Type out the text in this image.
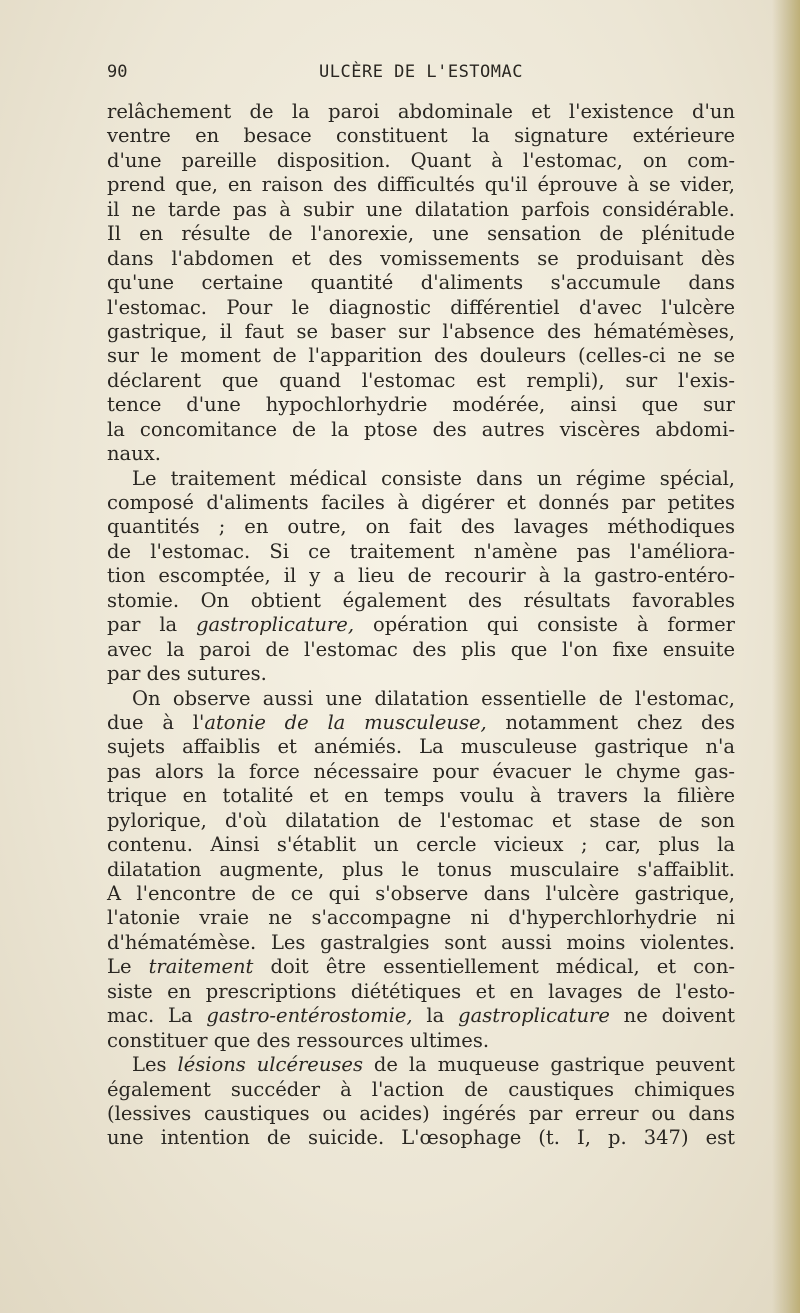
90	ULCÈRE DE L'ESTOMAC
relâchement de la paroi abdominale et l'existence d'un
ventre en besace constituent la signature extérieure
d'une pareille disposition. Quant à l'estomac, on com-
prend que, en raison des difficultés qu'il éprouve à se vider,
il ne tarde pas à subir une dilatation parfois considérable.
Il en résulte de l'anorexie, une sensation de plénitude
dans l'abdomen et des vomissements se produisant dès
qu'une certaine quantité d'aliments s'accumule dans
l'estomac. Pour le diagnostic différentiel d'avec l'ulcère
gastrique, il faut se baser sur l'absence des hématémèses,
sur le moment de l'apparition des douleurs (celles-ci ne se
déclarent que quand l'estomac est rempli), sur l'exis-
tence d'une hypochlorhydrie modérée, ainsi que sur
la concomitance de la ptose des autres viscères abdomi-
naux.
Le traitement médical consiste dans un régime spécial,
composé d'aliments faciles à digérer et donnés par petites
quantités ; en outre, on fait des lavages méthodiques
de l'estomac. Si ce traitement n'amène pas l'améliora-
tion escomptée, il y a lieu de recourir à la gastro-entéro-
stomie. On obtient également des résultats favorables
par la gastroplicature, opération qui consiste à former
avec la paroi de l'estomac des plis que l'on fixe ensuite
par des sutures.
On observe aussi une dilatation essentielle de l'estomac,
due à l'atonie de la musculeuse, notamment chez des
sujets affaiblis et anémiés. La musculeuse gastrique n'a
pas alors la force nécessaire pour évacuer le chyme gas-
trique en totalité et en temps voulu à travers la filière
pylorique, d'où dilatation de l'estomac et stase de son
contenu. Ainsi s'établit un cercle vicieux ; car, plus la
dilatation augmente, plus le tonus musculaire s'affaiblit.
A l'encontre de ce qui s'observe dans l'ulcère gastrique,
l'atonie vraie ne s'accompagne ni d'hyperchlorhydrie ni
d'hématémèse. Les gastralgies sont aussi moins violentes.
Le traitement doit être essentiellement médical, et con-
siste en prescriptions diététiques et en lavages de l'esto-
mac. La gastro-entérostomie, la gastroplicature ne doivent
constituer que des ressources ultimes.
Les lésions ulcéreuses de la muqueuse gastrique peuvent
également succéder à l'action de caustiques chimiques
(lessives caustiques ou acides) ingérés par erreur ou dans
une intention de suicide. L'œsophage (t. I, p. 347) est
